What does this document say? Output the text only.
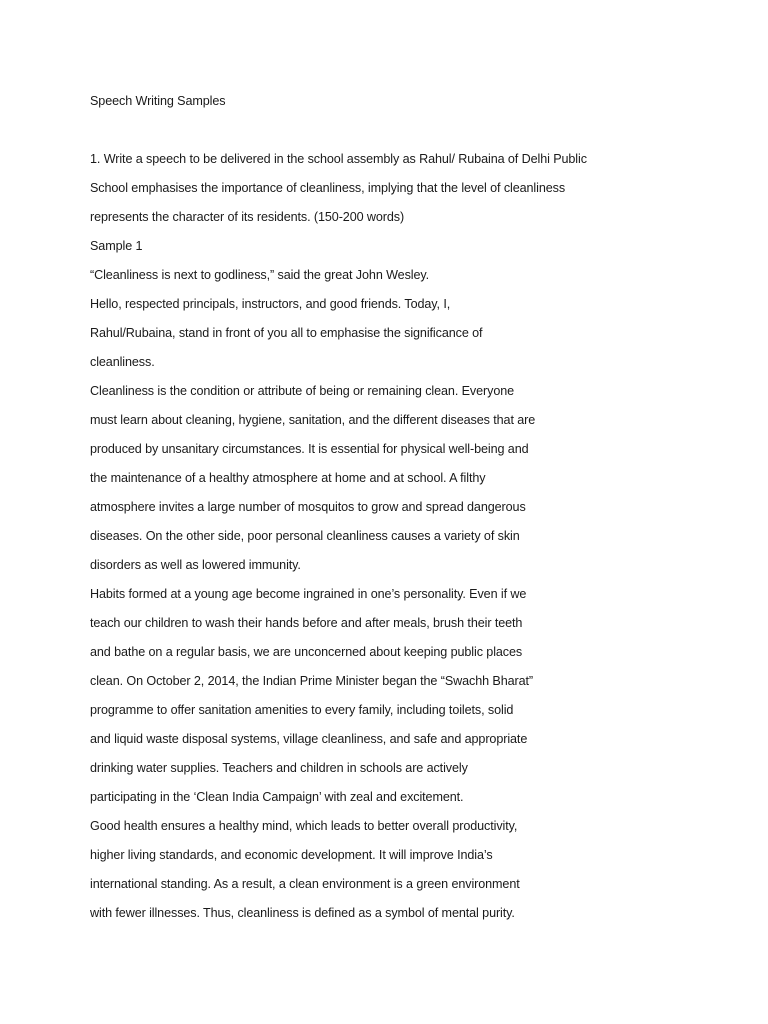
Speech Writing Samples
1. Write a speech to be delivered in the school assembly as Rahul/ Rubaina of Delhi Public
School emphasises the importance of cleanliness, implying that the level of cleanliness
represents the character of its residents. (150-200 words)
Sample 1
“Cleanliness is next to godliness,” said the great John Wesley.
Hello, respected principals, instructors, and good friends. Today, I,
Rahul/Rubaina, stand in front of you all to emphasise the significance of
cleanliness.
Cleanliness is the condition or attribute of being or remaining clean. Everyone
must learn about cleaning, hygiene, sanitation, and the different diseases that are
produced by unsanitary circumstances. It is essential for physical well-being and
the maintenance of a healthy atmosphere at home and at school. A filthy
atmosphere invites a large number of mosquitos to grow and spread dangerous
diseases. On the other side, poor personal cleanliness causes a variety of skin
disorders as well as lowered immunity.
Habits formed at a young age become ingrained in one’s personality. Even if we
teach our children to wash their hands before and after meals, brush their teeth
and bathe on a regular basis, we are unconcerned about keeping public places
clean. On October 2, 2014, the Indian Prime Minister began the “Swachh Bharat”
programme to offer sanitation amenities to every family, including toilets, solid
and liquid waste disposal systems, village cleanliness, and safe and appropriate
drinking water supplies. Teachers and children in schools are actively
participating in the ‘Clean India Campaign’ with zeal and excitement.
Good health ensures a healthy mind, which leads to better overall productivity,
higher living standards, and economic development. It will improve India’s
international standing. As a result, a clean environment is a green environment
with fewer illnesses. Thus, cleanliness is defined as a symbol of mental purity.
